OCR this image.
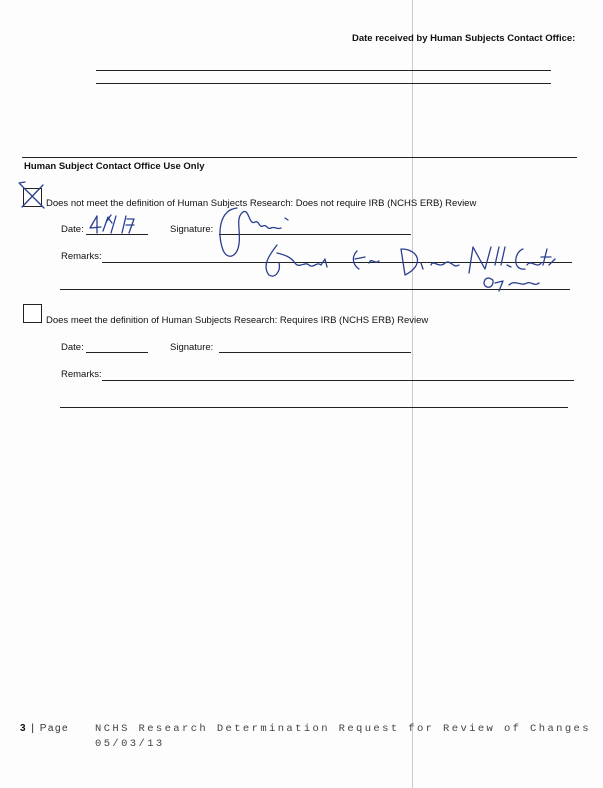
Date received by Human Subjects Contact Office:
Human Subject Contact Office Use Only
Does not meet the definition of Human Subjects Research: Does not require IRB (NCHS ERB) Review
Date:	Signature:
Remarks:
Does meet the definition of Human Subjects Research: Requires IRB (NCHS ERB) Review
Date:	Signature:
Remarks:
3 | Page NCHS Research Determination Request for Review of Changes
05/03/13
